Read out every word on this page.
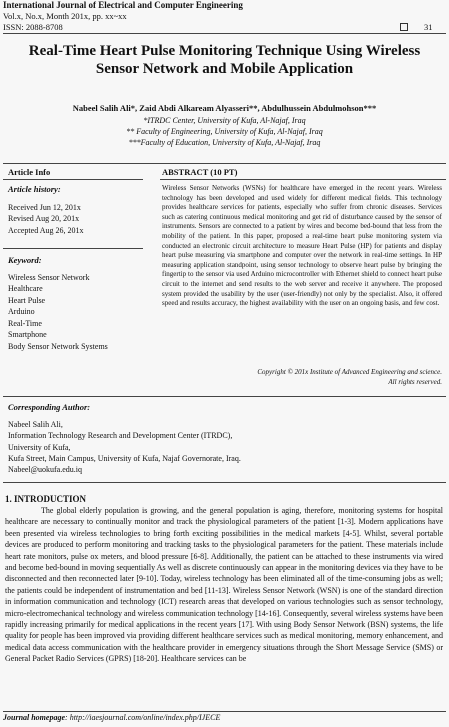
International Journal of Electrical and Computer Engineering
Vol.x, No.x, Month 201x, pp. xx~xx
ISSN: 2088-8708	31
Real-Time Heart Pulse Monitoring Technique Using Wireless
Sensor Network and Mobile Application
Nabeel Salih Ali*, Zaid Abdi Alkaream Alyasseri**, Abdulhussein Abdulmohson***
*ITRDC Center, University of Kufa, Al-Najaf, Iraq
** Faculty of Engineering, University of Kufa, Al-Najaf, Iraq
***Faculty of Education, University of Kufa, Al-Najaf, Iraq
Article Info	ABSTRACT (10 PT)
Article history:
Received Jun 12, 201x
Revised Aug 20, 201x
Accepted Aug 26, 201x
Keyword:
Wireless Sensor Network
Healthcare
Heart Pulse
Arduino
Real-Time
Smartphone
Body Sensor Network Systems
Wireless Sensor Networks (WSNs) for healthcare have emerged in the recent years. Wireless technology has been developed and used widely for different medical fields. This technology provides healthcare services for patients, especially who suffer from chronic diseases. Services such as catering continuous medical monitoring and get rid of disturbance caused by the sensor of instruments. Sensors are connected to a patient by wires and become bed-bound that less from the mobility of the patient. In this paper, proposed a real-time heart pulse monitoring system via conducted an electronic circuit architecture to measure Heart Pulse (HP) for patients and display heart pulse measuring via smartphone and computer over the network in real-time settings. In HP measuring application standpoint, using sensor technology to observe heart pulse by bringing the fingertip to the sensor via used Arduino microcontroller with Ethernet shield to connect heart pulse circuit to the internet and send results to the web server and receive it anywhere. The proposed system provided the usability by the user (user-friendly) not only by the specialist. Also, it offered speed and results accuracy, the highest availability with the user on an ongoing basis, and few cost.
Copyright © 201x Institute of Advanced Engineering and science.
All rights reserved.
Corresponding Author:
Nabeel Salih Ali,
Information Technology Research and Development Center (ITRDC),
University of Kufa,
Kufa Street, Main Campus, University of Kufa, Najaf Governorate, Iraq.
Nabeel@uokufa.edu.iq
1. INTRODUCTION
The global elderly population is growing, and the general population is aging, therefore, monitoring systems for hospital healthcare are necessary to continually monitor and track the physiological parameters of the patient [1-3]. Modern applications have been presented via wireless technologies to bring forth exciting possibilities in the medical markets [4-5]. Whilst, several portable devices are produced to perform monitoring and tracking tasks to the physiological parameters for the patient. These materials include heart rate monitors, pulse ox meters, and blood pressure [6-8]. Additionally, the patient can be attached to these instruments via wired and become bed-bound in moving sequentially As well as discrete continuously can appear in the monitoring devices via they have to be disconnected and then reconnected later [9-10]. Today, wireless technology has been eliminated all of the time-consuming jobs as well; the patients could be independent of instrumentation and bed [11-13]. Wireless Sensor Network (WSN) is one of the standard direction in information communication and technology (ICT) research areas that developed on various technologies such as sensor technology, micro-electromechanical technology and wireless communication technology [14-16]. Consequently, several wireless systems have been rapidly increasing primarily for medical applications in the recent years [17]. With using Body Sensor Network (BSN) systems, the life quality for people has been improved via providing different healthcare services such as medical monitoring, memory enhancement, and medical data access communication with the healthcare provider in emergency situations through the Short Message Service (SMS) or General Packet Radio Services (GPRS) [18-20]. Healthcare services can be
Journal homepage: http://iaesjournal.com/online/index.php/IJECE
